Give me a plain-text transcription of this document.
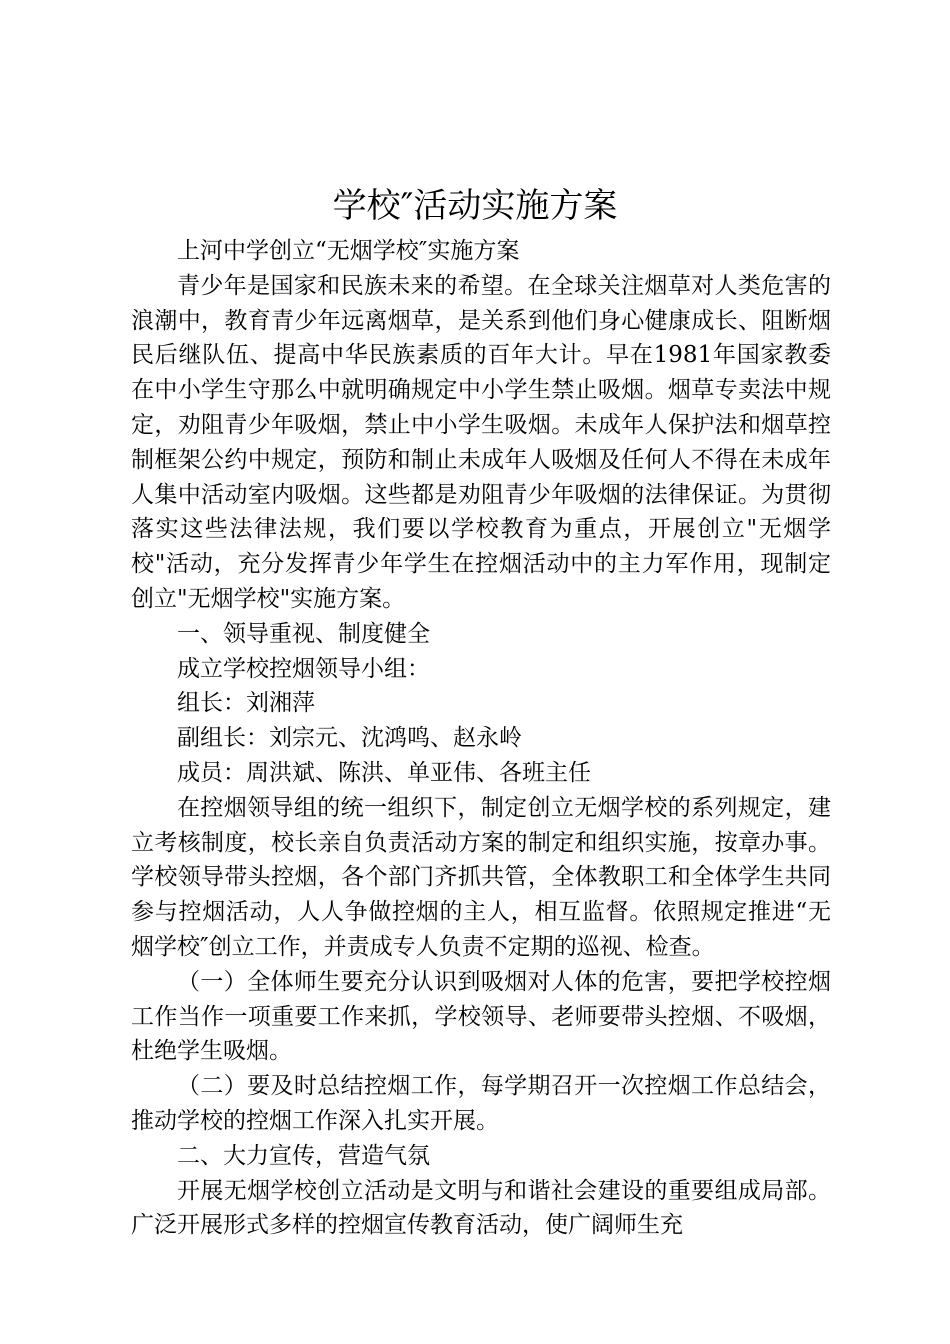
学校″活动实施方案

上河中学创立“无烟学校″实施方案

青少年是国家和民族未来的希望。在全球关注烟草对人类危害的浪潮中，教育青少年远离烟草，是关系到他们身心健康成长、阻断烟民后继队伍、提高中华民族素质的百年大计。早在1981年国家教委在中小学生守那么中就明确规定中小学生禁止吸烟。烟草专卖法中规定，劝阻青少年吸烟，禁止中小学生吸烟。未成年人保护法和烟草控制框架公约中规定，预防和制止未成年人吸烟及任何人不得在未成年人集中活动室内吸烟。这些都是劝阻青少年吸烟的法律保证。为贯彻落实这些法律法规，我们要以学校教育为重点，开展创立"无烟学校"活动，充分发挥青少年学生在控烟活动中的主力军作用，现制定创立"无烟学校"实施方案。

一、领导重视、制度健全

成立学校控烟领导小组：

组长：刘湘萍

副组长：刘宗元、沈鸿鸣、赵永岭

成员：周洪斌、陈洪、单亚伟、各班主任

在控烟领导组的统一组织下，制定创立无烟学校的系列规定，建立考核制度，校长亲自负责活动方案的制定和组织实施，按章办事。学校领导带头控烟，各个部门齐抓共管，全体教职工和全体学生共同参与控烟活动，人人争做控烟的主人，相互监督。依照规定推进“无烟学校″创立工作，并责成专人负责不定期的巡视、检查。

（一）全体师生要充分认识到吸烟对人体的危害，要把学校控烟工作当作一项重要工作来抓，学校领导、老师要带头控烟、不吸烟，杜绝学生吸烟。

（二）要及时总结控烟工作，每学期召开一次控烟工作总结会，推动学校的控烟工作深入扎实开展。

二、大力宣传，营造气氛

开展无烟学校创立活动是文明与和谐社会建设的重要组成局部。广泛开展形式多样的控烟宣传教育活动，使广阔师生充
